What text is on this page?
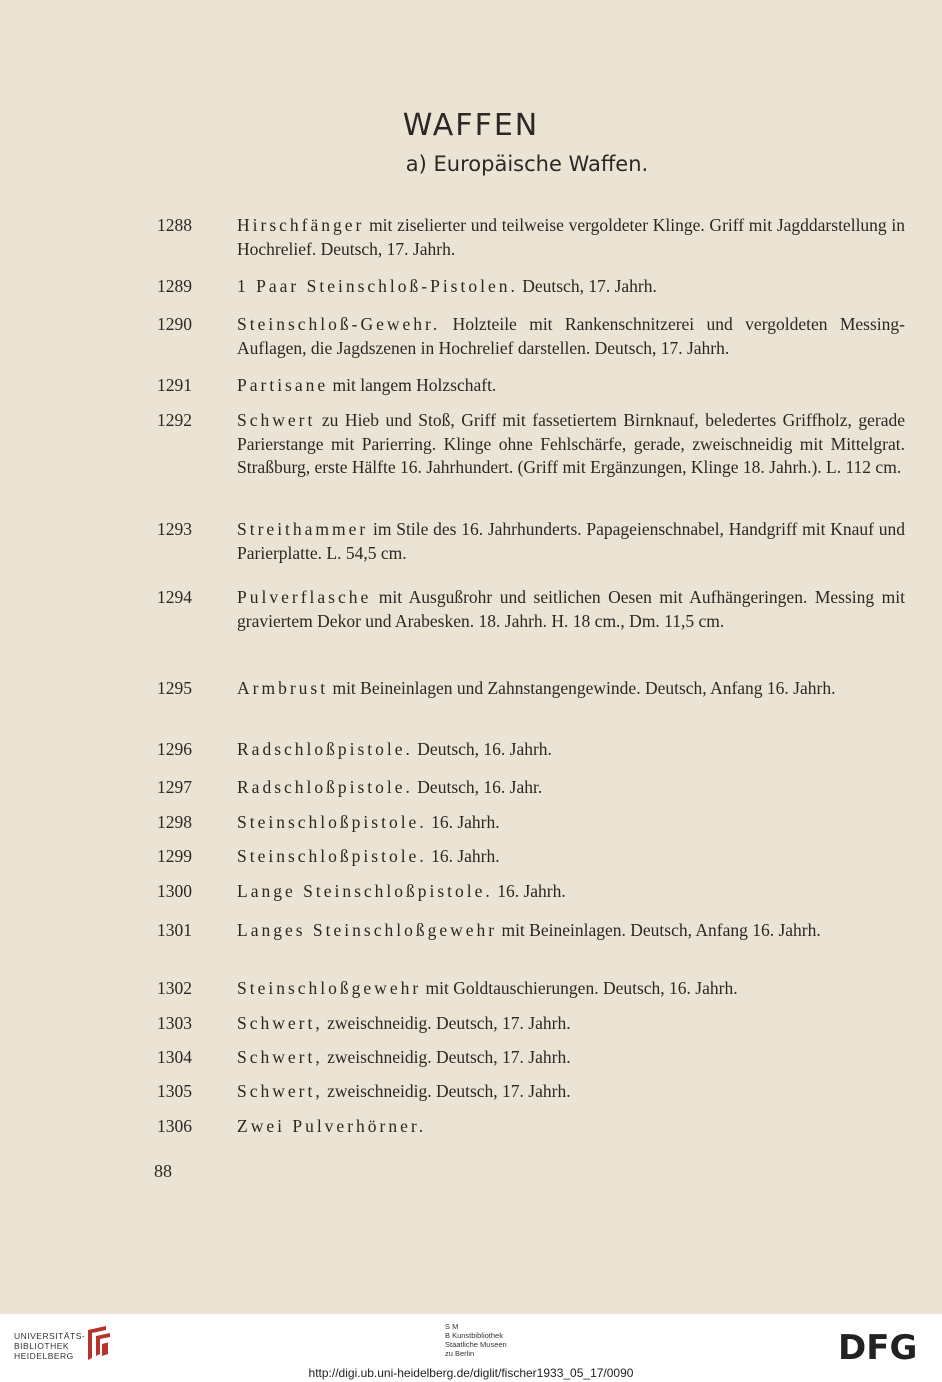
WAFFEN
a) Europäische Waffen.
1288	Hirschfänger mit ziselierter und teilweise vergoldeter Klinge. Griff mit Jagddarstellung in Hochrelief. Deutsch, 17. Jahrh.
1289	1 Paar Steinschloß-Pistolen. Deutsch, 17. Jahrh.
1290	Steinschloß-Gewehr. Holzteile mit Rankenschnitzerei und vergoldeten Messing-Auflagen, die Jagdszenen in Hochrelief darstellen. Deutsch, 17. Jahrh.
1291	Partisane mit langem Holzschaft.
1292	Schwert zu Hieb und Stoß, Griff mit fassetiertem Birnknauf, beledertes Griffholz, gerade Parierstange mit Parierring. Klinge ohne Fehlschärfe, gerade, zweischneidig mit Mittelgrat. Straßburg, erste Hälfte 16. Jahrhundert. (Griff mit Ergänzungen, Klinge 18. Jahrh.). L. 112 cm.
1293	Streithammer im Stile des 16. Jahrhunderts. Papageienschnabel, Handgriff mit Knauf und Parierplatte. L. 54,5 cm.
1294	Pulverflasche mit Ausgußrohr und seitlichen Oesen mit Aufhängeringen. Messing mit graviertem Dekor und Arabesken. 18. Jahrh. H. 18 cm., Dm. 11,5 cm.
1295	Armbrust mit Beineinlagen und Zahnstangengewinde. Deutsch, Anfang 16. Jahrh.
1296	Radschloßpistole. Deutsch, 16. Jahrh.
1297	Radschloßpistole. Deutsch, 16. Jahr.
1298	Steinschloßpistole. 16. Jahrh.
1299	Steinschloßpistole. 16. Jahrh.
1300	Lange Steinschloßpistole. 16. Jahrh.
1301	Langes Steinschloßgewehr mit Beineinlagen. Deutsch, Anfang 16. Jahrh.
1302	Steinschloßgewehr mit Goldtauschierungen. Deutsch, 16. Jahrh.
1303	Schwert, zweischneidig. Deutsch, 17. Jahrh.
1304	Schwert, zweischneidig. Deutsch, 17. Jahrh.
1305	Schwert, zweischneidig. Deutsch, 17. Jahrh.
1306	Zwei Pulverhörner.
88
UNIVERSITÄTS-
BIBLIOTHEK
HEIDELBERG
S M
B Kunstbibliothek
Staatliche Museen
zu Berlin	DFG
http://digi.ub.uni-heidelberg.de/diglit/fischer1933_05_17/0090
